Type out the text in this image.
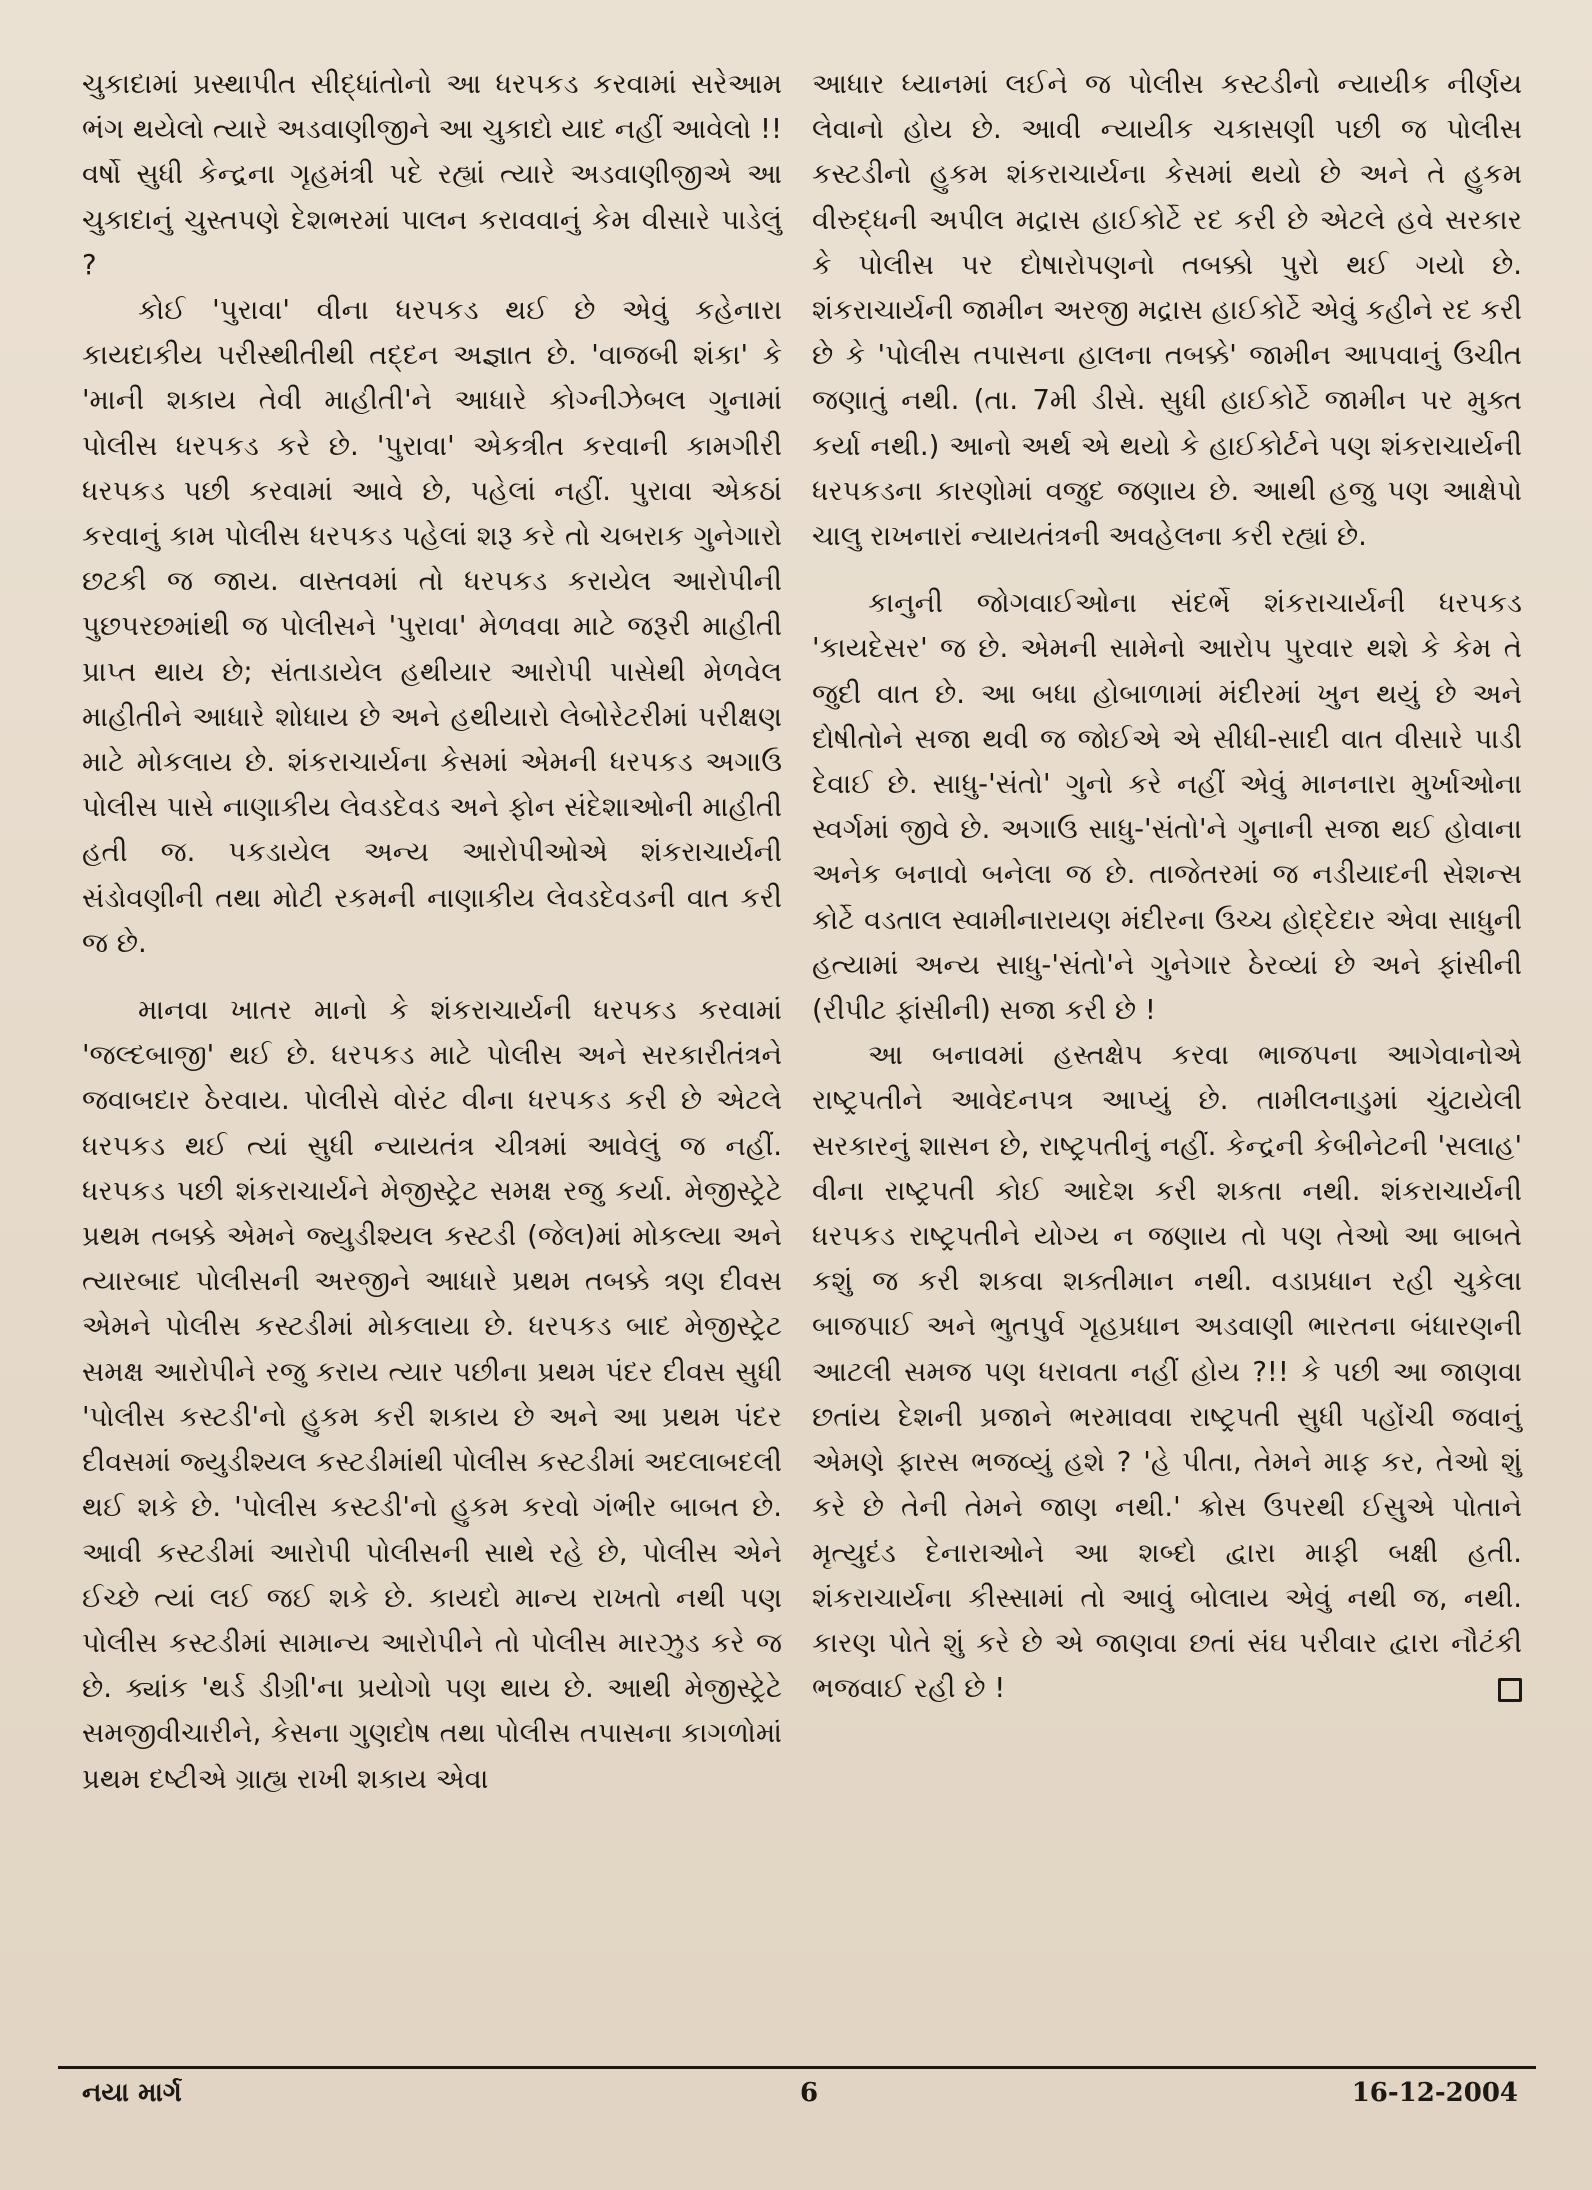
ચુકાદામાં પ્રસ્થાપીત સીદ્ધાંતોનો આ ધરપકડ કરવામાં સરેઆમ ભંગ થયેલો ત્યારે અડવાણીજીને આ ચુકાદો યાદ નહીં આવેલો !! વર્ષો સુધી કેન્દ્રના ગૃહમંત્રી પદે રહ્યાં ત્યારે અડવાણીજીએ આ ચુકાદાનું ચુસ્તપણે દેશભરમાં પાલન કરાવવાનું કેમ વીસારે પાડેલું ?

કોઈ 'પુરાવા' વીના ધરપકડ થઈ છે એવું કહેનારા કાયદાકીય પરીસ્થીતીથી તદ્દન અજ્ઞાત છે. 'વાજબી શંકા' કે 'માની શકાય તેવી માહીતી'ને આધારે કોગ્નીઝેબલ ગુનામાં પોલીસ ધરપકડ કરે છે. 'પુરાવા' એકત્રીત કરવાની કામગીરી ધરપકડ પછી કરવામાં આવે છે, પહેલાં નહીં. પુરાવા એકઠાં કરવાનું કામ પોલીસ ધરપકડ પહેલાં શરૂ કરે તો ચબરાક ગુનેગારો છટકી જ જાય. વાસ્તવમાં તો ધરપકડ કરાયેલ આરોપીની પુછપરછમાંથી જ પોલીસને 'પુરાવા' મેળવવા માટે જરૂરી માહીતી પ્રાપ્ત થાય છે; સંતાડાયેલ હથીયાર આરોપી પાસેથી મેળવેલ માહીતીને આધારે શોધાય છે અને હથીયારો લેબોરેટરીમાં પરીક્ષણ માટે મોકલાય છે. શંકરાચાર્યના કેસમાં એમની ધરપકડ અગાઉ પોલીસ પાસે નાણાકીય લેવડદેવડ અને ફોન સંદેશાઓની માહીતી હતી જ. પકડાયેલ અન્ય આરોપીઓએ શંકરાચાર્યની સંડોવણીની તથા મોટી રકમની નાણાકીય લેવડદેવડની વાત કરી જ છે.

માનવા ખાતર માનો કે શંકરાચાર્યની ધરપકડ કરવામાં 'જલ્દબાજી' થઈ છે. ધરપકડ માટે પોલીસ અને સરકારીતંત્રને જવાબદાર ઠેરવાય. પોલીસે વોરંટ વીના ધરપકડ કરી છે એટલે ધરપકડ થઈ ત્યાં સુધી ન્યાયતંત્ર ચીત્રમાં આવેલું જ નહીં. ધરપકડ પછી શંકરાચાર્યને મેજીસ્ટ્રેટ સમક્ષ રજુ કર્યા. મેજીસ્ટ્રેટે પ્રથમ તબક્કે એમને જ્યુડીશ્યલ કસ્ટડી (જેલ)માં મોકલ્યા અને ત્યારબાદ પોલીસની અરજીને આધારે પ્રથમ તબક્કે ત્રણ દીવસ એમને પોલીસ કસ્ટડીમાં મોકલાયા છે. ધરપકડ બાદ મેજીસ્ટ્રેટ સમક્ષ આરોપીને રજુ કરાય ત્યાર પછીના પ્રથમ પંદર દીવસ સુધી 'પોલીસ કસ્ટડી'નો હુકમ કરી શકાય છે અને આ પ્રથમ પંદર દીવસમાં જ્યુડીશ્યલ કસ્ટડીમાંથી પોલીસ કસ્ટડીમાં અદલાબદલી થઈ શકે છે. 'પોલીસ કસ્ટડી'નો હુકમ કરવો ગંભીર બાબત છે. આવી કસ્ટડીમાં આરોપી પોલીસની સાથે રહે છે, પોલીસ એને ઈચ્છે ત્યાં લઈ જઈ શકે છે. કાયદો માન્ય રાખતો નથી પણ પોલીસ કસ્ટડીમાં સામાન્ય આરોપીને તો પોલીસ મારઝુડ કરે જ છે. ક્યાંક 'થર્ડ ડીગ્રી'ના પ્રયોગો પણ થાય છે. આથી મેજીસ્ટ્રેટે સમજીવીચારીને, કેસના ગુણદોષ તથા પોલીસ તપાસના કાગળોમાં પ્રથમ દષ્ટીએ ગ્રાહ્ય રાખી શકાય એવા

આધાર ધ્યાનમાં લઈને જ પોલીસ કસ્ટડીનો ન્યાયીક નીર્ણય લેવાનો હોય છે. આવી ન્યાયીક ચકાસણી પછી જ પોલીસ કસ્ટડીનો હુકમ શંકરાચાર્યના કેસમાં થયો છે અને તે હુકમ વીરુદ્ધની અપીલ મદ્રાસ હાઈકોર્ટે રદ કરી છે એટલે હવે સરકાર કે પોલીસ પર દોષારોપણનો તબક્કો પુરો થઈ ગયો છે. શંકરાચાર્યની જામીન અરજી મદ્રાસ હાઈકોર્ટે એવું કહીને રદ કરી છે કે 'પોલીસ તપાસના હાલના તબક્કે' જામીન આપવાનું ઉચીત જણાતું નથી. (તા. 7મી ડીસે. સુધી હાઈકોર્ટે જામીન પર મુક્ત કર્યા નથી.) આનો અર્થ એ થયો કે હાઈકોર્ટને પણ શંકરાચાર્યની ધરપકડના કારણોમાં વજુદ જણાય છે. આથી હજુ પણ આક્ષેપો ચાલુ રાખનારાં ન્યાયતંત્રની અવહેલના કરી રહ્યાં છે.

કાનુની જોગવાઈઓના સંદર્ભે શંકરાચાર્યની ધરપકડ 'કાયદેસર' જ છે. એમની સામેનો આરોપ પુરવાર થશે કે કેમ તે જુદી વાત છે. આ બધા હોબાળામાં મંદીરમાં ખુન થયું છે અને દોષીતોને સજા થવી જ જોઈએ એ સીધી-સાદી વાત વીસારે પાડી દેવાઈ છે. સાધુ-'સંતો' ગુનો કરે નહીં એવું માનનારા મુર્ખાઓના સ્વર્ગમાં જીવે છે. અગાઉ સાધુ-'સંતો'ને ગુનાની સજા થઈ હોવાના અનેક બનાવો બનેલા જ છે. તાજેતરમાં જ નડીયાદની સેશન્સ કોર્ટે વડતાલ સ્વામીનારાયણ મંદીરના ઉચ્ચ હોદ્દેદાર એવા સાધુની હત્યામાં અન્ય સાધુ-'સંતો'ને ગુનેગાર ઠેરવ્યાં છે અને ફાંસીની (રીપીટ ફાંસીની) સજા કરી છે !

આ બનાવમાં હસ્તક્ષેપ કરવા ભાજપના આગેવાનોએ રાષ્ટ્રપતીને આવેદનપત્ર આપ્યું છે. તામીલનાડુમાં ચુંટાયેલી સરકારનું શાસન છે, રાષ્ટ્રપતીનું નહીં. કેન્દ્રની કેબીનેટની 'સલાહ' વીના રાષ્ટ્રપતી કોઈ આદેશ કરી શકતા નથી. શંકરાચાર્યની ધરપકડ રાષ્ટ્રપતીને યોગ્ય ન જણાય તો પણ તેઓ આ બાબતે કશું જ કરી શકવા શક્તીમાન નથી. વડાપ્રધાન રહી ચુકેલા બાજપાઈ અને ભુતપુર્વ ગૃહપ્રધાન અડવાણી ભારતના બંધારણની આટલી સમજ પણ ધરાવતા નહીં હોય ?!! કે પછી આ જાણવા છતાંય દેશની પ્રજાને ભરમાવવા રાષ્ટ્રપતી સુધી પહોંચી જવાનું એમણે ફારસ ભજવ્યું હશે ? 'હે પીતા, તેમને માફ કર, તેઓ શું કરે છે તેની તેમને જાણ નથી.' ક્રોસ ઉપરથી ઈસુએ પોતાને મૃત્યુદંડ દેનારાઓને આ શબ્દો દ્વારા માફી બક્ષી હતી. શંકરાચાર્યના કીસ્સામાં તો આવું બોલાય એવું નથી જ, નથી. કારણ પોતે શું કરે છે એ જાણવા છતાં સંઘ પરીવાર દ્વારા નૌટંકી ભજવાઈ રહી છે !

નયા માર્ગ	6	16-12-2004
